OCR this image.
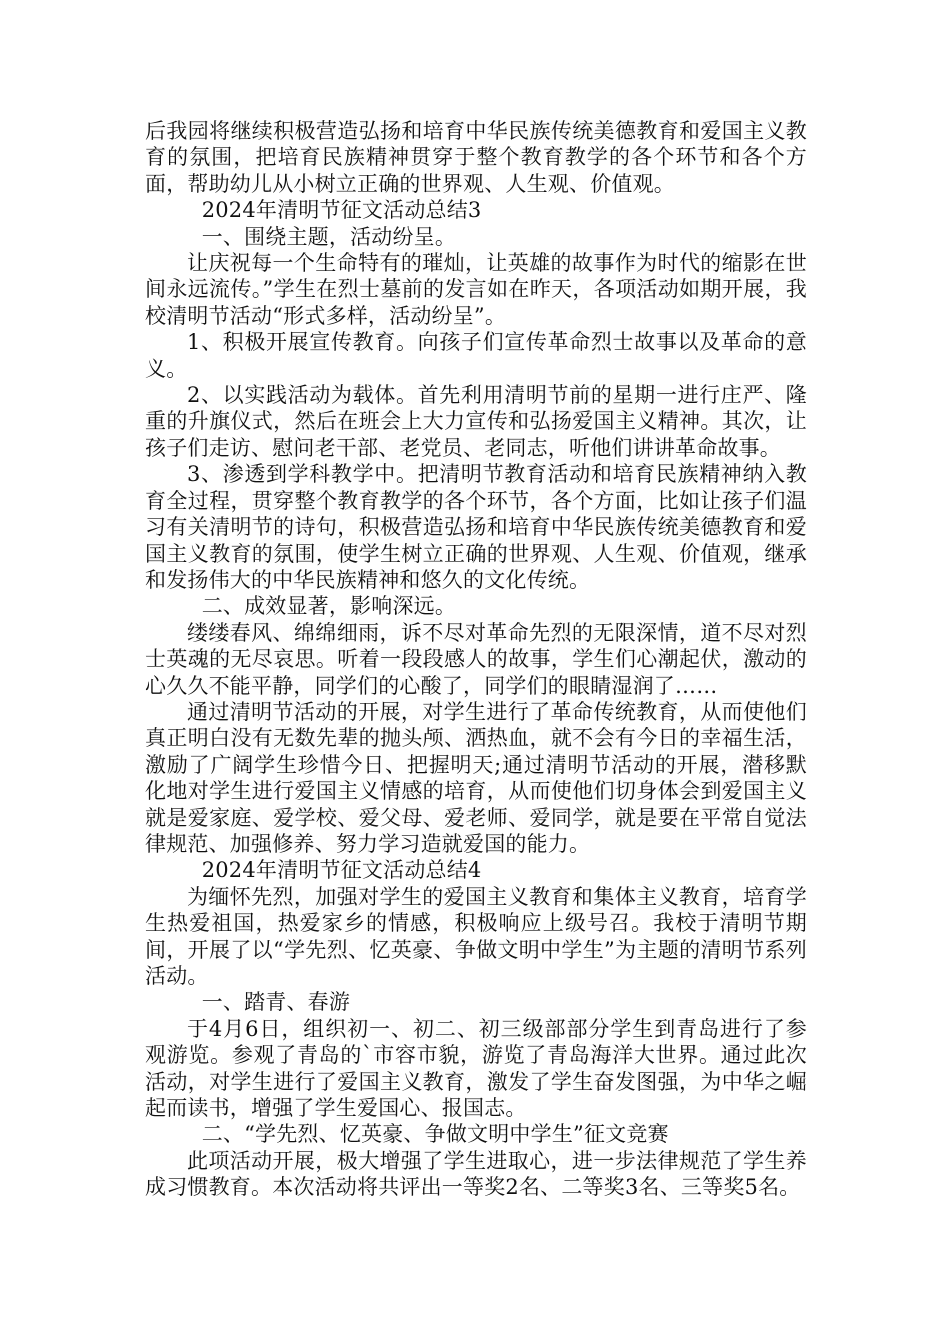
后我园将继续积极营造弘扬和培育中华民族传统美德教育和爱国主义教育的氛围，把培育民族精神贯穿于整个教育教学的各个环节和各个方面，帮助幼儿从小树立正确的世界观、人生观、价值观。

2024年清明节征文活动总结3

一、围绕主题，活动纷呈。

让庆祝每一个生命特有的璀灿，让英雄的故事作为时代的缩影在世间永远流传。”学生在烈士墓前的发言如在昨天，各项活动如期开展，我校清明节活动“形式多样，活动纷呈”。

1、积极开展宣传教育。向孩子们宣传革命烈士故事以及革命的意义。

2、以实践活动为载体。首先利用清明节前的星期一进行庄严、隆重的升旗仪式，然后在班会上大力宣传和弘扬爱国主义精神。其次，让孩子们走访、慰问老干部、老党员、老同志，听他们讲讲革命故事。

3、渗透到学科教学中。把清明节教育活动和培育民族精神纳入教育全过程，贯穿整个教育教学的各个环节，各个方面，比如让孩子们温习有关清明节的诗句，积极营造弘扬和培育中华民族传统美德教育和爱国主义教育的氛围，使学生树立正确的世界观、人生观、价值观，继承和发扬伟大的中华民族精神和悠久的文化传统。

二、成效显著，影响深远。

缕缕春风、绵绵细雨，诉不尽对革命先烈的无限深情，道不尽对烈士英魂的无尽哀思。听着一段段感人的故事，学生们心潮起伏，激动的心久久不能平静，同学们的心酸了，同学们的眼睛湿润了……

通过清明节活动的开展，对学生进行了革命传统教育，从而使他们真正明白没有无数先辈的抛头颅、洒热血，就不会有今日的幸福生活，激励了广阔学生珍惜今日、把握明天;通过清明节活动的开展，潜移默化地对学生进行爱国主义情感的培育，从而使他们切身体会到爱国主义就是爱家庭、爱学校、爱父母、爱老师、爱同学，就是要在平常自觉法律规范、加强修养、努力学习造就爱国的能力。

2024年清明节征文活动总结4

为缅怀先烈，加强对学生的爱国主义教育和集体主义教育，培育学生热爱祖国，热爱家乡的情感，积极响应上级号召。我校于清明节期间，开展了以“学先烈、忆英豪、争做文明中学生”为主题的清明节系列活动。

一、踏青、春游

于4月6日，组织初一、初二、初三级部部分学生到青岛进行了参观游览。参观了青岛的`市容市貌，游览了青岛海洋大世界。通过此次活动，对学生进行了爱国主义教育，激发了学生奋发图强，为中华之崛起而读书，增强了学生爱国心、报国志。

二、“学先烈、忆英豪、争做文明中学生”征文竞赛

此项活动开展，极大增强了学生进取心，进一步法律规范了学生养成习惯教育。本次活动将共评出一等奖2名、二等奖3名、三等奖5名。
